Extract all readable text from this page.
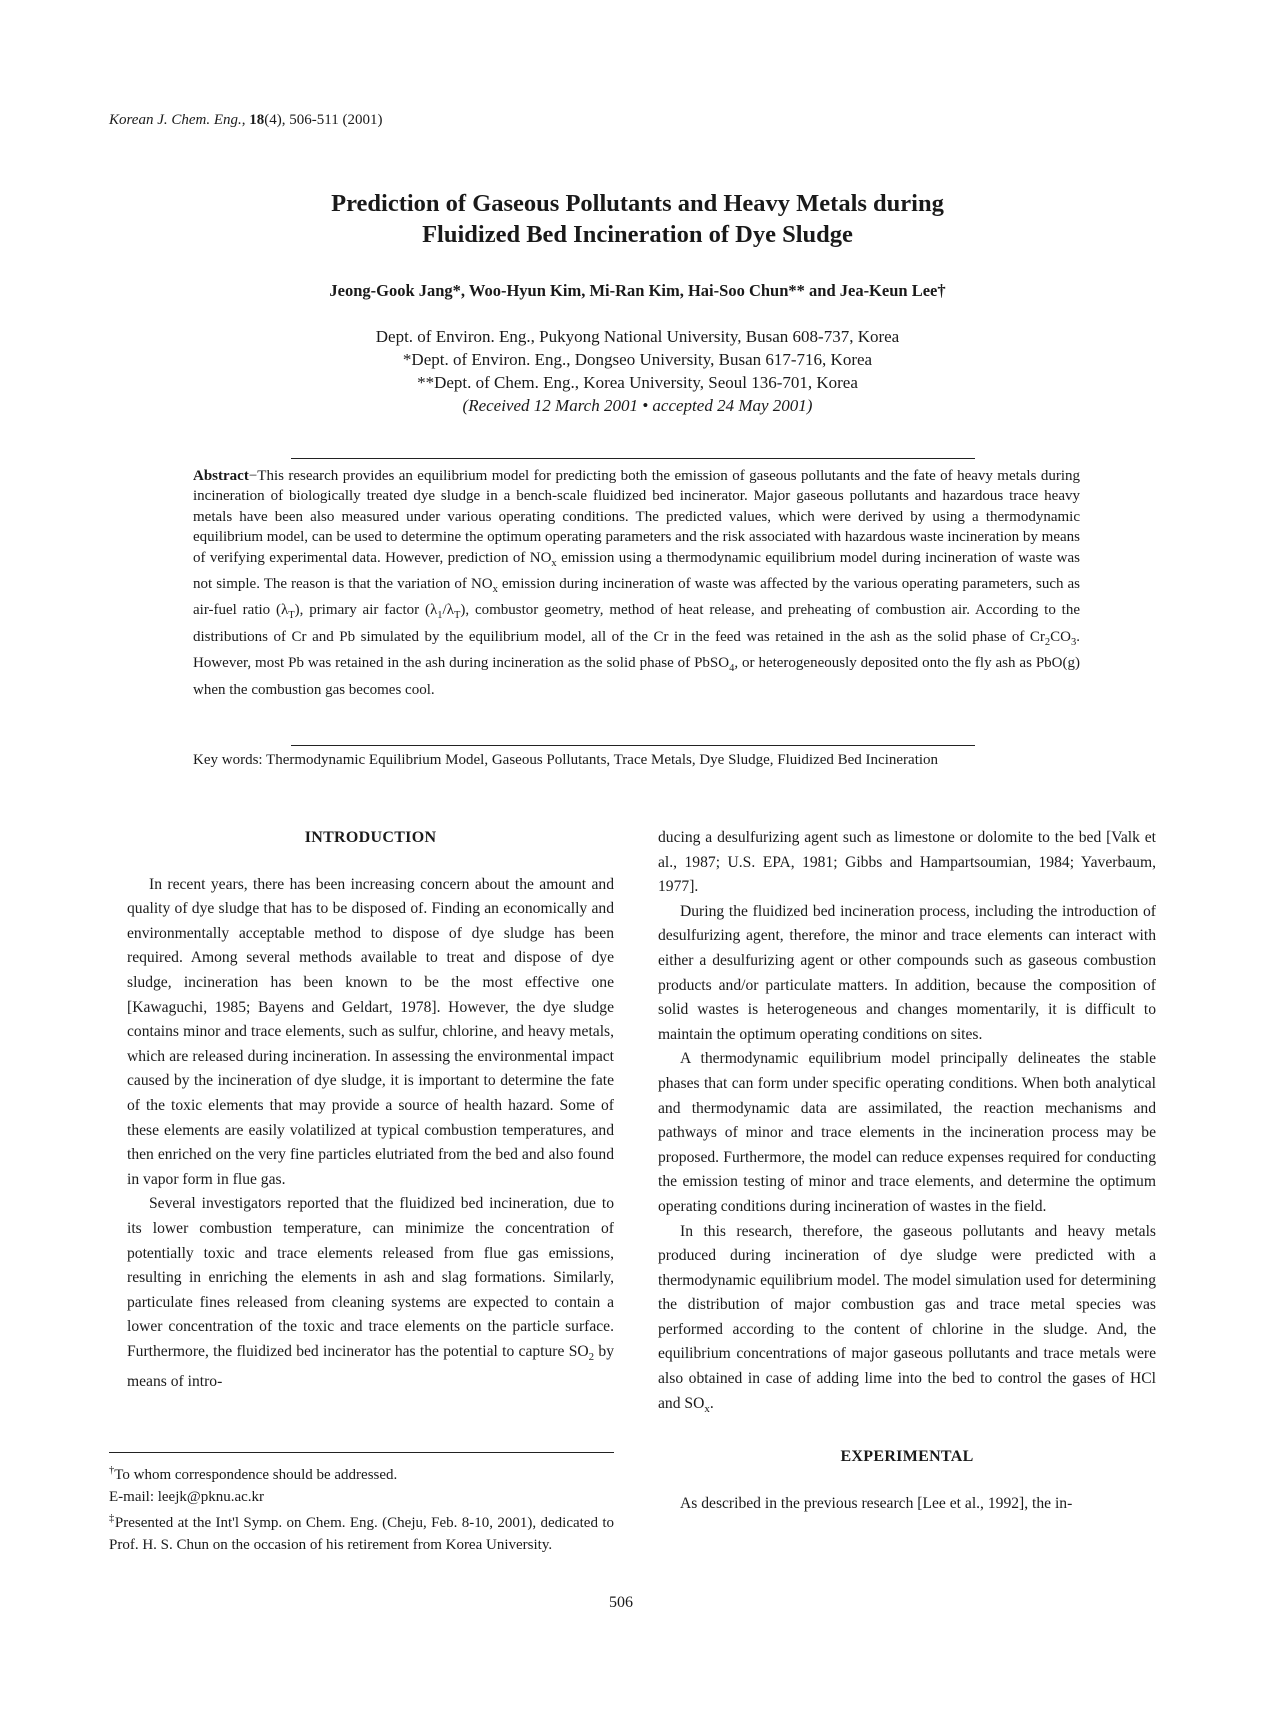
Korean J. Chem. Eng., 18(4), 506-511 (2001)
Prediction of Gaseous Pollutants and Heavy Metals during
Fluidized Bed Incineration of Dye Sludge
Jeong-Gook Jang*, Woo-Hyun Kim, Mi-Ran Kim, Hai-Soo Chun** and Jea-Keun Lee†
Dept. of Environ. Eng., Pukyong National University, Busan 608-737, Korea
*Dept. of Environ. Eng., Dongseo University, Busan 617-716, Korea
**Dept. of Chem. Eng., Korea University, Seoul 136-701, Korea
(Received 12 March 2001 • accepted 24 May 2001)
Abstract−This research provides an equilibrium model for predicting both the emission of gaseous pollutants and the fate of heavy metals during incineration of biologically treated dye sludge in a bench-scale fluidized bed incinerator. Major gaseous pollutants and hazardous trace heavy metals have been also measured under various operating conditions. The predicted values, which were derived by using a thermodynamic equilibrium model, can be used to determine the optimum operating parameters and the risk associated with hazardous waste incineration by means of verifying experimental data. However, prediction of $NO_x$ emission using a thermodynamic equilibrium model during incineration of waste was not simple. The reason is that the variation of $NO_x$ emission during incineration of waste was affected by the various operating parameters, such as air-fuel ratio $(\lambda_T)$, primary air factor $(\lambda_1/\lambda_T)$, combustor geometry, method of heat release, and preheating of combustion air. According to the distributions of Cr and Pb simulated by the equilibrium model, all of the Cr in the feed was retained in the ash as the solid phase of $Cr_2CO_3$. However, most Pb was retained in the ash during incineration as the solid phase of PbSO$_4$, or heterogeneously deposited onto the fly ash as PbO(g) when the combustion gas becomes cool.
Key words: Thermodynamic Equilibrium Model, Gaseous Pollutants, Trace Metals, Dye Sludge, Fluidized Bed Incineration
INTRODUCTION

In recent years, there has been increasing concern about the amount and quality of dye sludge that has to be disposed of. Finding an economically and environmentally acceptable method to dispose of dye sludge has been required. Among several methods available to treat and dispose of dye sludge, incineration has been known to be the most effective one [Kawaguchi, 1985; Bayens and Geldart, 1978]. However, the dye sludge contains minor and trace elements, such as sulfur, chlorine, and heavy metals, which are released during incineration. In assessing the environmental impact caused by the incineration of dye sludge, it is important to determine the fate of the toxic elements that may provide a source of health hazard. Some of these elements are easily volatilized at typical combustion temperatures, and then enriched on the very fine particles elutriated from the bed and also found in vapor form in flue gas.

Several investigators reported that the fluidized bed incineration, due to its lower combustion temperature, can minimize the concentration of potentially toxic and trace elements released from flue gas emissions, resulting in enriching the elements in ash and slag formations. Similarly, particulate fines released from cleaning systems are expected to contain a lower concentration of the toxic and trace elements on the particle surface. Furthermore, the fluidized bed incinerator has the potential to capture $SO_2$ by means of intro-

†To whom correspondence should be addressed.

E-mail: leejk@pknu.ac.kr

‡Presented at the Int'l Symp. on Chem. Eng. (Cheju, Feb. 8-10, 2001), dedicated to Prof. H. S. Chun on the occasion of his retirement from Korea University.

ducing a desulfurizing agent such as limestone or dolomite to the bed [Valk et al., 1987; U.S. EPA, 1981; Gibbs and Hampartsoumian, 1984; Yaverbaum, 1977].

During the fluidized bed incineration process, including the introduction of desulfurizing agent, therefore, the minor and trace elements can interact with either a desulfurizing agent or other compounds such as gaseous combustion products and/or particulate matters. In addition, because the composition of solid wastes is heterogeneous and changes momentarily, it is difficult to maintain the optimum operating conditions on sites.

A thermodynamic equilibrium model principally delineates the stable phases that can form under specific operating conditions. When both analytical and thermodynamic data are assimilated, the reaction mechanisms and pathways of minor and trace elements in the incineration process may be proposed. Furthermore, the model can reduce expenses required for conducting the emission testing of minor and trace elements, and determine the optimum operating conditions during incineration of wastes in the field.

In this research, therefore, the gaseous pollutants and heavy metals produced during incineration of dye sludge were predicted with a thermodynamic equilibrium model. The model simulation used for determining the distribution of major combustion gas and trace metal species was performed according to the content of chlorine in the sludge. And, the equilibrium concentrations of major gaseous pollutants and trace metals were also obtained in case of adding lime into the bed to control the gases of HCl and $SO_x$.

EXPERIMENTAL

As described in the previous research [Lee et al., 1992], the in-

506
